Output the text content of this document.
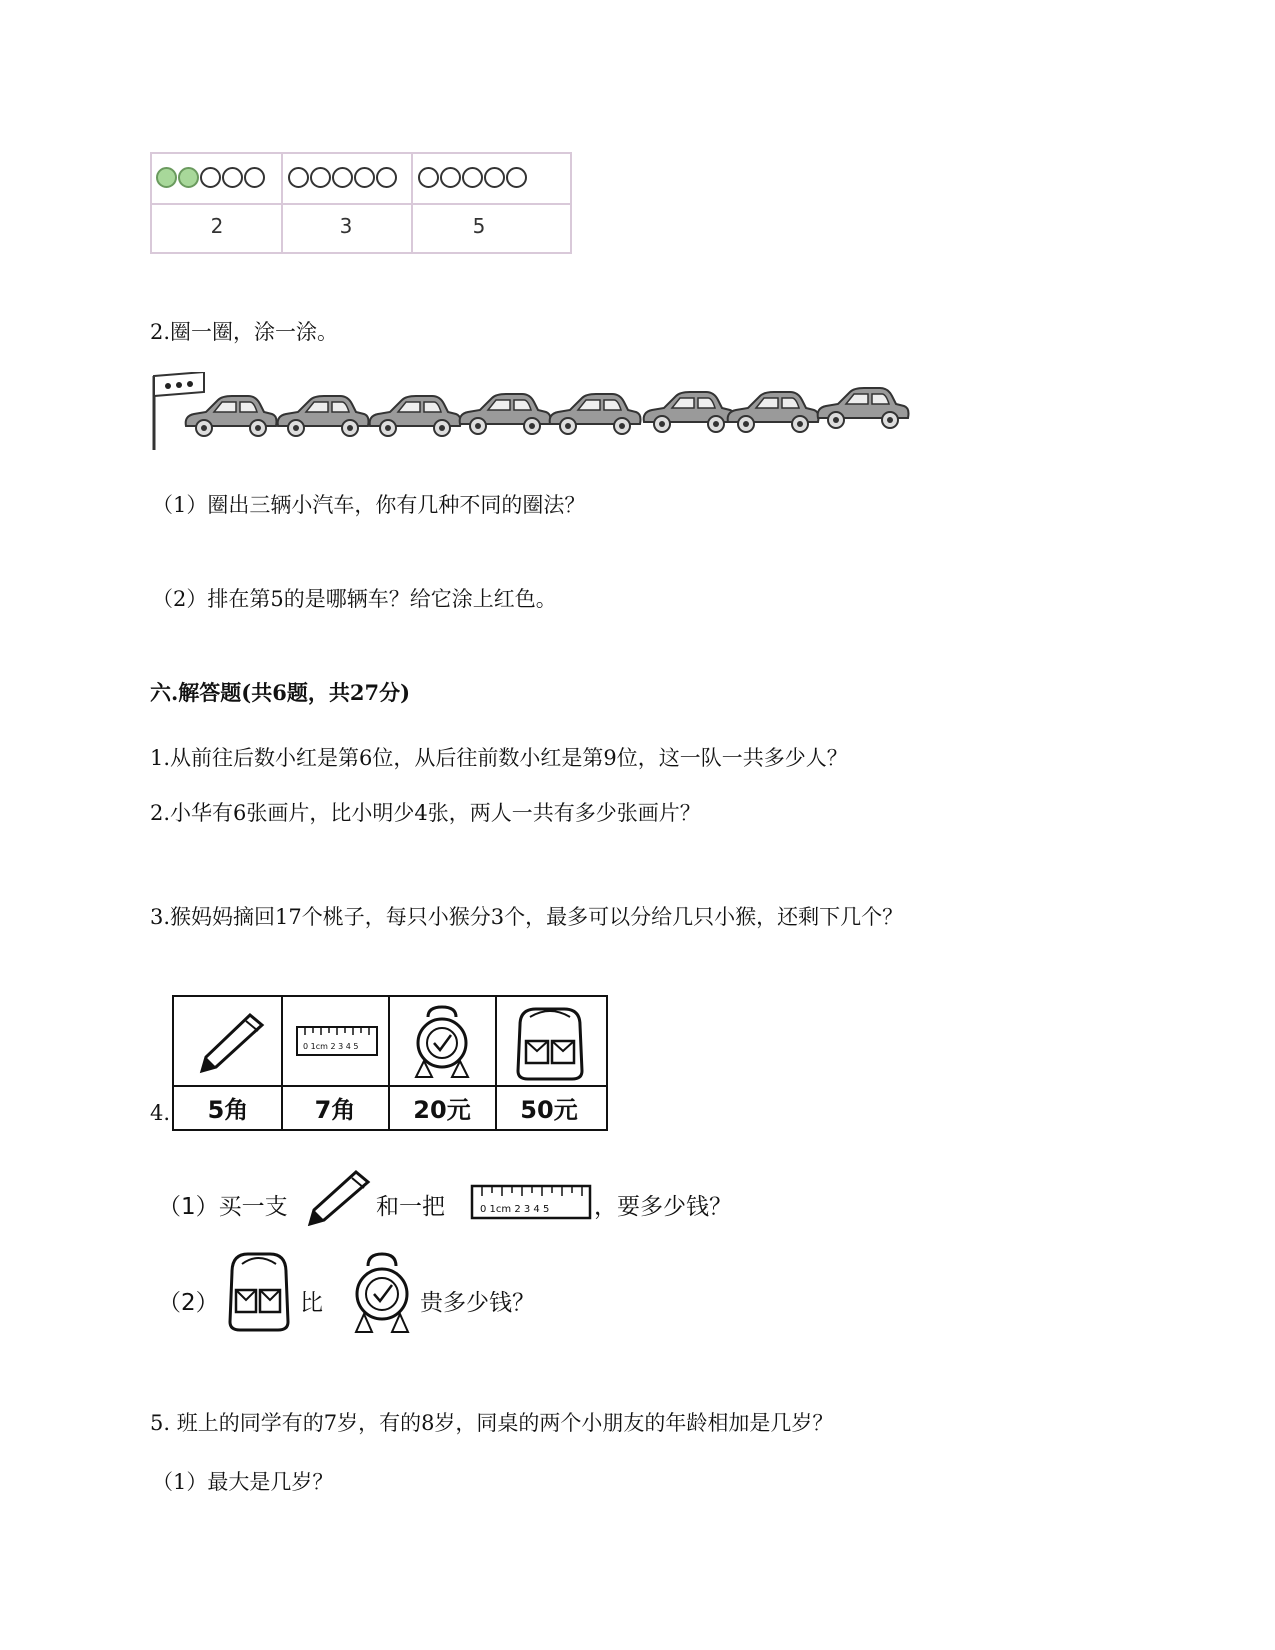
2	3	5
2.圈一圈，涂一涂。
（1）圈出三辆小汽车，你有几种不同的圈法？
（2）排在第5的是哪辆车？给它涂上红色。
六.解答题(共6题，共27分)
1.从前往后数小红是第6位，从后往前数小红是第9位，这一队一共多少人？
2.小华有6张画片，比小明少4张，两人一共有多少张画片？
3.猴妈妈摘回17个桃子，每只小猴分3个，最多可以分给几只小猴，还剩下几个？
4.
0 1cm 2 3 4 5
5角	7角	20元	50元
（1）买一支	和一把	0 1cm 2 3 4 5 ，要多少钱？
（2）	比	贵多少钱？
5. 班上的同学有的7岁，有的8岁，同桌的两个小朋友的年龄相加是几岁？
（1）最大是几岁？
